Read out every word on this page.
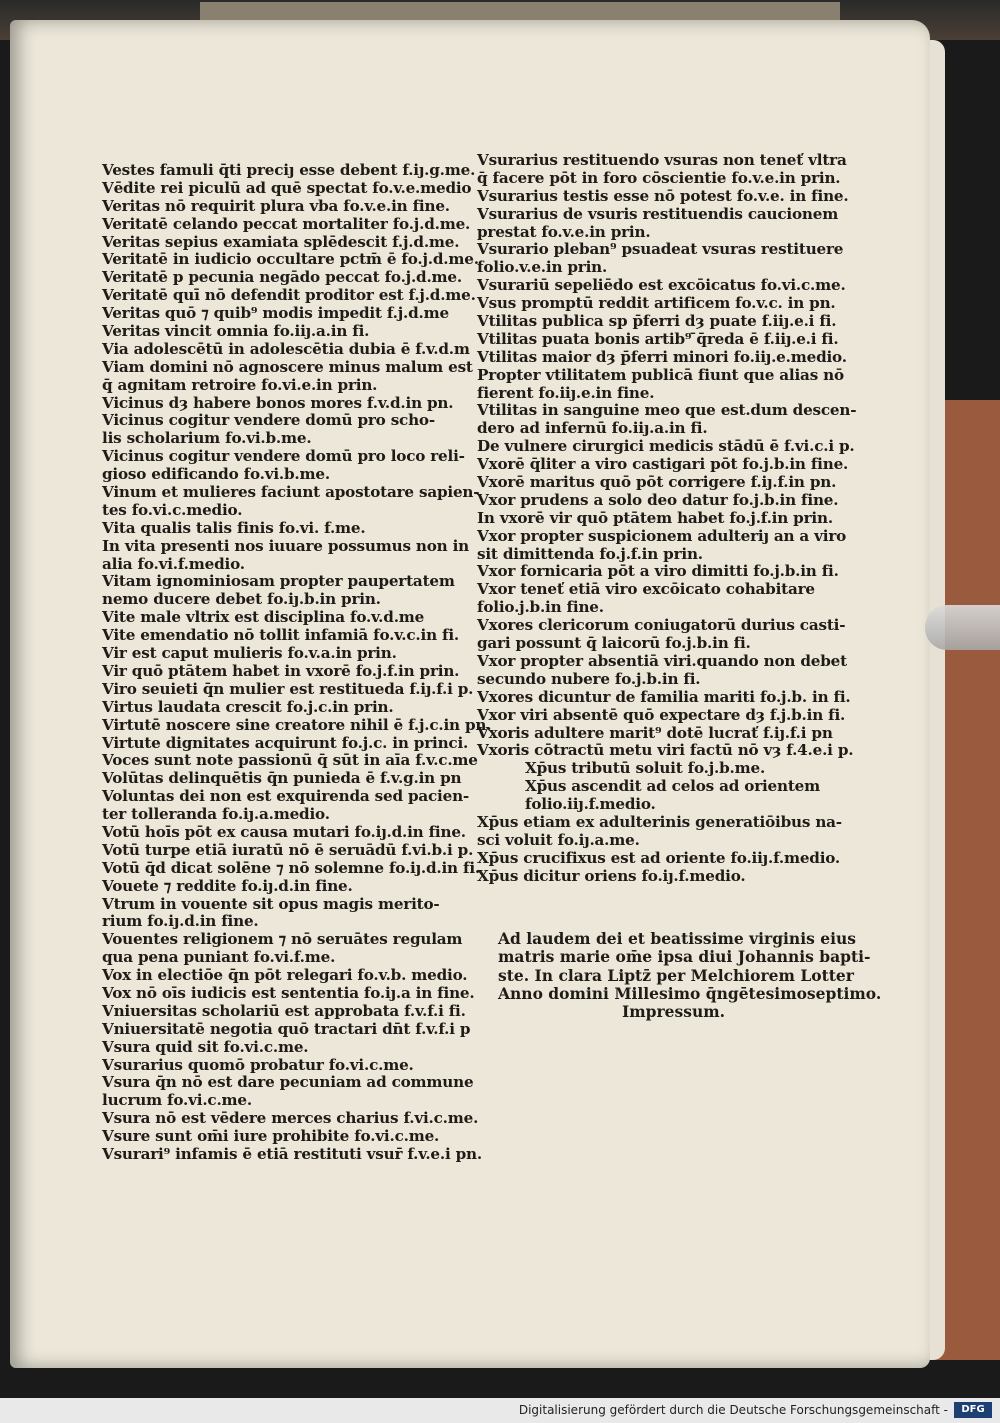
Vestes famuli q̄ti preciȷ esse debent f.iȷ.g.me.
Vēdite rei piculū ad quē spectat fo.v.e.medio
Veritas nō requirit plura vba fo.v.e.in fine.
Veritatē celando peccat mortaliter fo.j.d.me.
Veritas sepius examiata splēdescit f.j.d.me.
Veritatē in iudicio occultare pctm̄ ē fo.j.d.me.
Veritatē p pecunia negādo peccat fo.j.d.me.
Veritatē quī nō defendit proditor est f.j.d.me.
Veritas quō ⁊ quib⁹ modis impedit f.j.d.me
Veritas vincit omnia fo.iiȷ.a.in fi.
Via adolescētū in adolescētia dubia ē f.v.d.m
Viam domini nō agnoscere minus malum est
q̄ agnitam retroire fo.vi.e.in prin.
Vicinus dȝ habere bonos mores f.v.d.in pn.
Vicinus cogitur vendere domū pro scho-
lis scholarium fo.vi.b.me.
Vicinus cogitur vendere domū pro loco reli-
gioso edificando fo.vi.b.me.
Vinum et mulieres faciunt apostotare sapien-
tes fo.vi.c.medio.
Vita qualis talis finis fo.vi. f.me.
In vita presenti nos iuuare possumus non in
alia fo.vi.f.medio.
Vitam ignominiosam propter paupertatem
nemo ducere debet fo.iȷ.b.in prin.
Vite male vltrix est disciplina fo.v.d.me
Vite emendatio nō tollit infamiā fo.v.c.in fi.
Vir est caput mulieris fo.v.a.in prin.
Vir quō ptātem habet in vxorē fo.j.f.in prin.
Viro seuieti q̄n mulier est restitueda f.iȷ.f.i p.
Virtus laudata crescit fo.j.c.in prin.
Virtutē noscere sine creatore nihil ē f.j.c.in pn.
Virtute dignitates acquirunt fo.j.c. in princi.
Voces sunt note passionū q̄ sūt in aīa f.v.c.me
Volūtas delinquētis q̄n punieda ē f.v.g.in pn
Voluntas dei non est exquirenda sed pacien-
ter tolleranda fo.iȷ.a.medio.
Votū hoīs pōt ex causa mutari fo.iȷ.d.in fine.
Votū turpe etiā iuratū nō ē seruādū f.vi.b.i p.
Votū q̄d dicat solēne ⁊ nō solemne fo.iȷ.d.in fi.
Vouete ⁊ reddite fo.iȷ.d.in fine.
Vtrum in vouente sit opus magis merito-
rium fo.iȷ.d.in fine.
Vouentes religionem ⁊ nō seruātes regulam
qua pena puniant fo.vi.f.me.
Vox in electiōe q̄n pōt relegari fo.v.b. medio.
Vox nō oīs iudicis est sententia fo.iȷ.a in fine.
Vniuersitas scholariū est approbata f.v.f.i fi.
Vniuersitatē negotia quō tractari dn̄t f.v.f.i p
Vsura quid sit fo.vi.c.me.
Vsurarius quomō probatur fo.vi.c.me.
Vsura q̄n nō est dare pecuniam ad commune
lucrum fo.vi.c.me.
Vsura nō est vēdere merces charius f.vi.c.me.
Vsure sunt om̄i iure prohibite fo.vi.c.me.
Vsurari⁹ infamis ē etiā restituti vsur̄ f.v.e.i pn.
Vsurarius restituendo vsuras non teneť vltra
q̄ facere pōt in foro cōscientie fo.v.e.in prin.
Vsurarius testis esse nō potest fo.v.e. in fine.
Vsurarius de vsuris restituendis caucionem
prestat fo.v.e.in prin.
Vsurario pleban⁹ psuadeat vsuras restituere
folio.v.e.in prin.
Vsurariū sepeliēdo est excōicatus fo.vi.c.me.
Vsus promptū reddit artificem fo.v.c. in pn.
Vtilitas publica sp p̄ferri dȝ puate f.iiȷ.e.i fi.
Vtilitas puata bonis artib⁹ ̄q̄reda ē f.iiȷ.e.i fi.
Vtilitas maior dȝ p̄ferri minori fo.iiȷ.e.medio.
Propter vtilitatem publicā fiunt que alias nō
fierent fo.iiȷ.e.in fine.
Vtilitas in sanguine meo que est.dum descen-
dero ad infernū fo.iiȷ.a.in fi.
De vulnere cirurgici medicis stādū ē f.vi.c.i p.
Vxorē q̄liter a viro castigari pōt fo.j.b.in fine.
Vxorē maritus quō pōt corrigere f.iȷ.f.in pn.
Vxor prudens a solo deo datur fo.j.b.in fine.
In vxorē vir quō ptātem habet fo.j.f.in prin.
Vxor propter suspicionem adulteriȷ an a viro
sit dimittenda fo.j.f.in prin.
Vxor fornicaria pōt a viro dimitti fo.j.b.in fi.
Vxor teneť etiā viro excōicato cohabitare
folio.j.b.in fine.
Vxores clericorum coniugatorū durius casti-
gari possunt q̄ laicorū fo.j.b.in fi.
Vxor propter absentiā viri.quando non debet
secundo nubere fo.j.b.in fi.
Vxores dicuntur de familia mariti fo.j.b. in fi.
Vxor viri absentē quō expectare dȝ f.j.b.in fi.
Vxoris adultere marit⁹ dotē lucrať f.iȷ.f.i pn
Vxoris cōtractū metu viri factū nō vȝ f.4.e.i p.
Xp̄us tributū soluit fo.j.b.me.
Xp̄us ascendit ad celos ad orientem
folio.iiȷ.f.medio.
Xp̄us etiam ex adulterinis generatiōibus na-
sci voluit fo.iȷ.a.me.
Xp̄us crucifixus est ad oriente fo.iiȷ.f.medio.
Xp̄us dicitur oriens fo.iȷ.f.medio.
Ad laudem dei et beatissime virginis eius
matris marie om̄e ipsa diui Johannis bapti-
ste. In clara Liptz̄ per Melchiorem Lotter
Anno domini Millesimo q̄ngētesimoseptimo.
Impressum.
Digitalisierung gefördert durch die Deutsche Forschungsgemeinschaft -	DFG
